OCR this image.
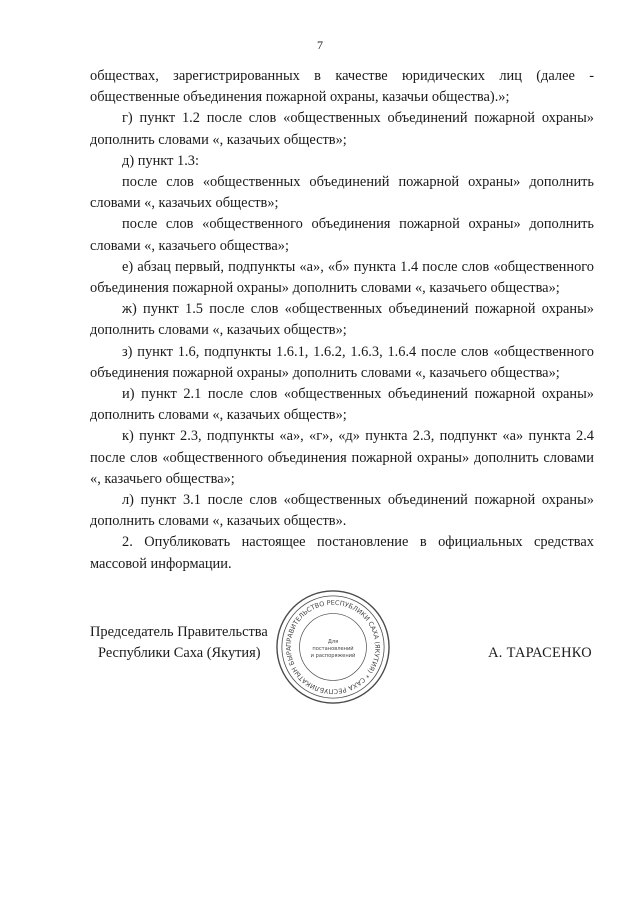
7

обществах, зарегистрированных в качестве юридических лиц (далее - общественные объединения пожарной охраны, казачьи общества).»;

г) пункт 1.2 после слов «общественных объединений пожарной охраны» дополнить словами «, казачьих обществ»;

д) пункт 1.3:

после слов «общественных объединений пожарной охраны» дополнить словами «, казачьих обществ»;

после слов «общественного объединения пожарной охраны» дополнить словами «, казачьего общества»;

е) абзац первый, подпункты «а», «б» пункта 1.4 после слов «общественного объединения пожарной охраны» дополнить словами «, казачьего общества»;

ж) пункт 1.5 после слов «общественных объединений пожарной охраны» дополнить словами «, казачьих обществ»;

з) пункт 1.6, подпункты 1.6.1, 1.6.2, 1.6.3, 1.6.4 после слов «общественного объединения пожарной охраны» дополнить словами «, казачьего общества»;

и) пункт 2.1 после слов «общественных объединений пожарной охраны» дополнить словами «, казачьих обществ»;

к) пункт 2.3, подпункты «а», «г», «д» пункта 2.3, подпункт «а» пункта 2.4 после слов «общественного объединения пожарной охраны» дополнить словами «, казачьего общества»;

л) пункт 3.1 после слов «общественных объединений пожарной охраны» дополнить словами «, казачьих обществ».

2. Опубликовать настоящее постановление в официальных средствах массовой информации.

Председатель Правительства
Республики Саха (Якутия)
ПРАВИТЕЛЬСТВО РЕСПУБЛИКИ САХА (ЯКУТИЯ) * САХА РЕСПУБЛИКАТЫН БЫРА
Для постановлений и распоряжений	А. ТАРАСЕНКО
